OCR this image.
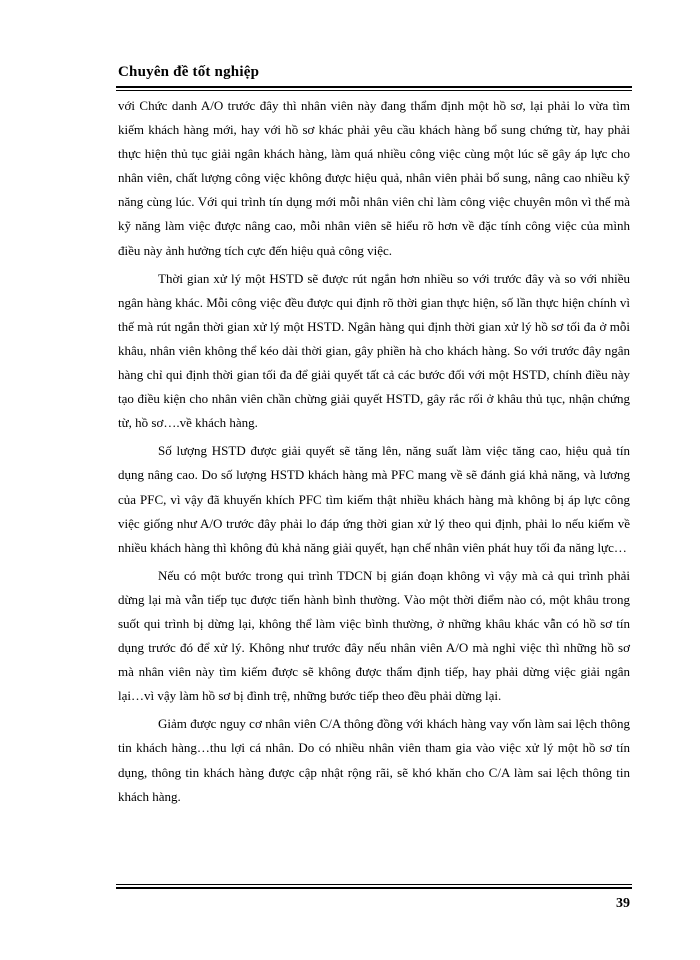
Chuyên đề tốt nghiệp

với Chức danh A/O trước đây thì nhân viên này đang thẩm định một hồ sơ, lại phải lo vừa tìm kiếm khách hàng mới, hay với hồ sơ khác phải yêu cầu khách hàng bổ sung chứng từ, hay phải thực hiện thủ tục giải ngân khách hàng, làm quá nhiều công việc cùng một lúc sẽ gây áp lực cho nhân viên, chất lượng công việc không được hiệu quả, nhân viên phải bổ sung, nâng cao nhiều kỹ năng cùng lúc. Với qui trình tín dụng mới mỗi nhân viên chỉ làm công việc chuyên môn vì thế mà kỹ năng làm việc được nâng cao, mỗi nhân viên sẽ hiểu rõ hơn về đặc tính công việc của mình điều này ảnh hưởng tích cực đến hiệu quả công việc.

Thời gian xử lý một HSTD sẽ được rút ngắn hơn nhiều so với trước đây và so với nhiều ngân hàng khác. Mỗi công việc đều được qui định rõ thời gian thực hiện, số lần thực hiện chính vì thế mà rút ngắn thời gian xử lý một HSTD. Ngân hàng qui định thời gian xử lý hồ sơ tối đa ở mỗi khâu, nhân viên không thể kéo dài thời gian, gây phiền hà cho khách hàng. So với trước đây ngân hàng chỉ qui định thời gian tối đa để giải quyết tất cả các bước đối với một HSTD, chính điều này tạo điều kiện cho nhân viên chần chừng giải quyết HSTD, gây rắc rối ở khâu thủ tục, nhận chứng từ, hồ sơ….về khách hàng.

Số lượng HSTD được giải quyết sẽ tăng lên, năng suất làm việc tăng cao, hiệu quả tín dụng nâng cao. Do số lượng HSTD khách hàng mà PFC mang về sẽ đánh giá khả năng, và lương của PFC, vì vậy đã khuyến khích PFC tìm kiếm thật nhiều khách hàng mà không bị áp lực công việc giống như A/O trước đây phải lo đáp ứng thời gian xử lý theo qui định, phải lo nếu kiếm về nhiều khách hàng thì không đủ khả năng giải quyết, hạn chế nhân viên phát huy tối đa năng lực…

Nếu có một bước trong qui trình TDCN bị gián đoạn không vì vậy mà cả qui trình phải dừng lại mà vẫn tiếp tục được tiến hành bình thường. Vào một thời điểm nào có, một khâu trong suốt qui trình bị dừng lại, không thể làm việc bình thường, ở những khâu khác vẫn có hồ sơ tín dụng trước đó để xử lý. Không như trước đây nếu nhân viên A/O mà nghỉ việc thì những hồ sơ mà nhân viên này tìm kiếm được sẽ không được thẩm định tiếp, hay phải dừng việc giải ngân lại…vì vậy làm hồ sơ bị đình trệ, những bước tiếp theo đều phải dừng lại.

Giảm được nguy cơ nhân viên C/A thông đồng với khách hàng vay vốn làm sai lệch thông tin khách hàng…thu lợi cá nhân. Do có nhiều nhân viên tham gia vào việc xử lý một hồ sơ tín dụng, thông tin khách hàng được cập nhật rộng rãi, sẽ khó khăn cho C/A làm sai lệch thông tin khách hàng.

39
